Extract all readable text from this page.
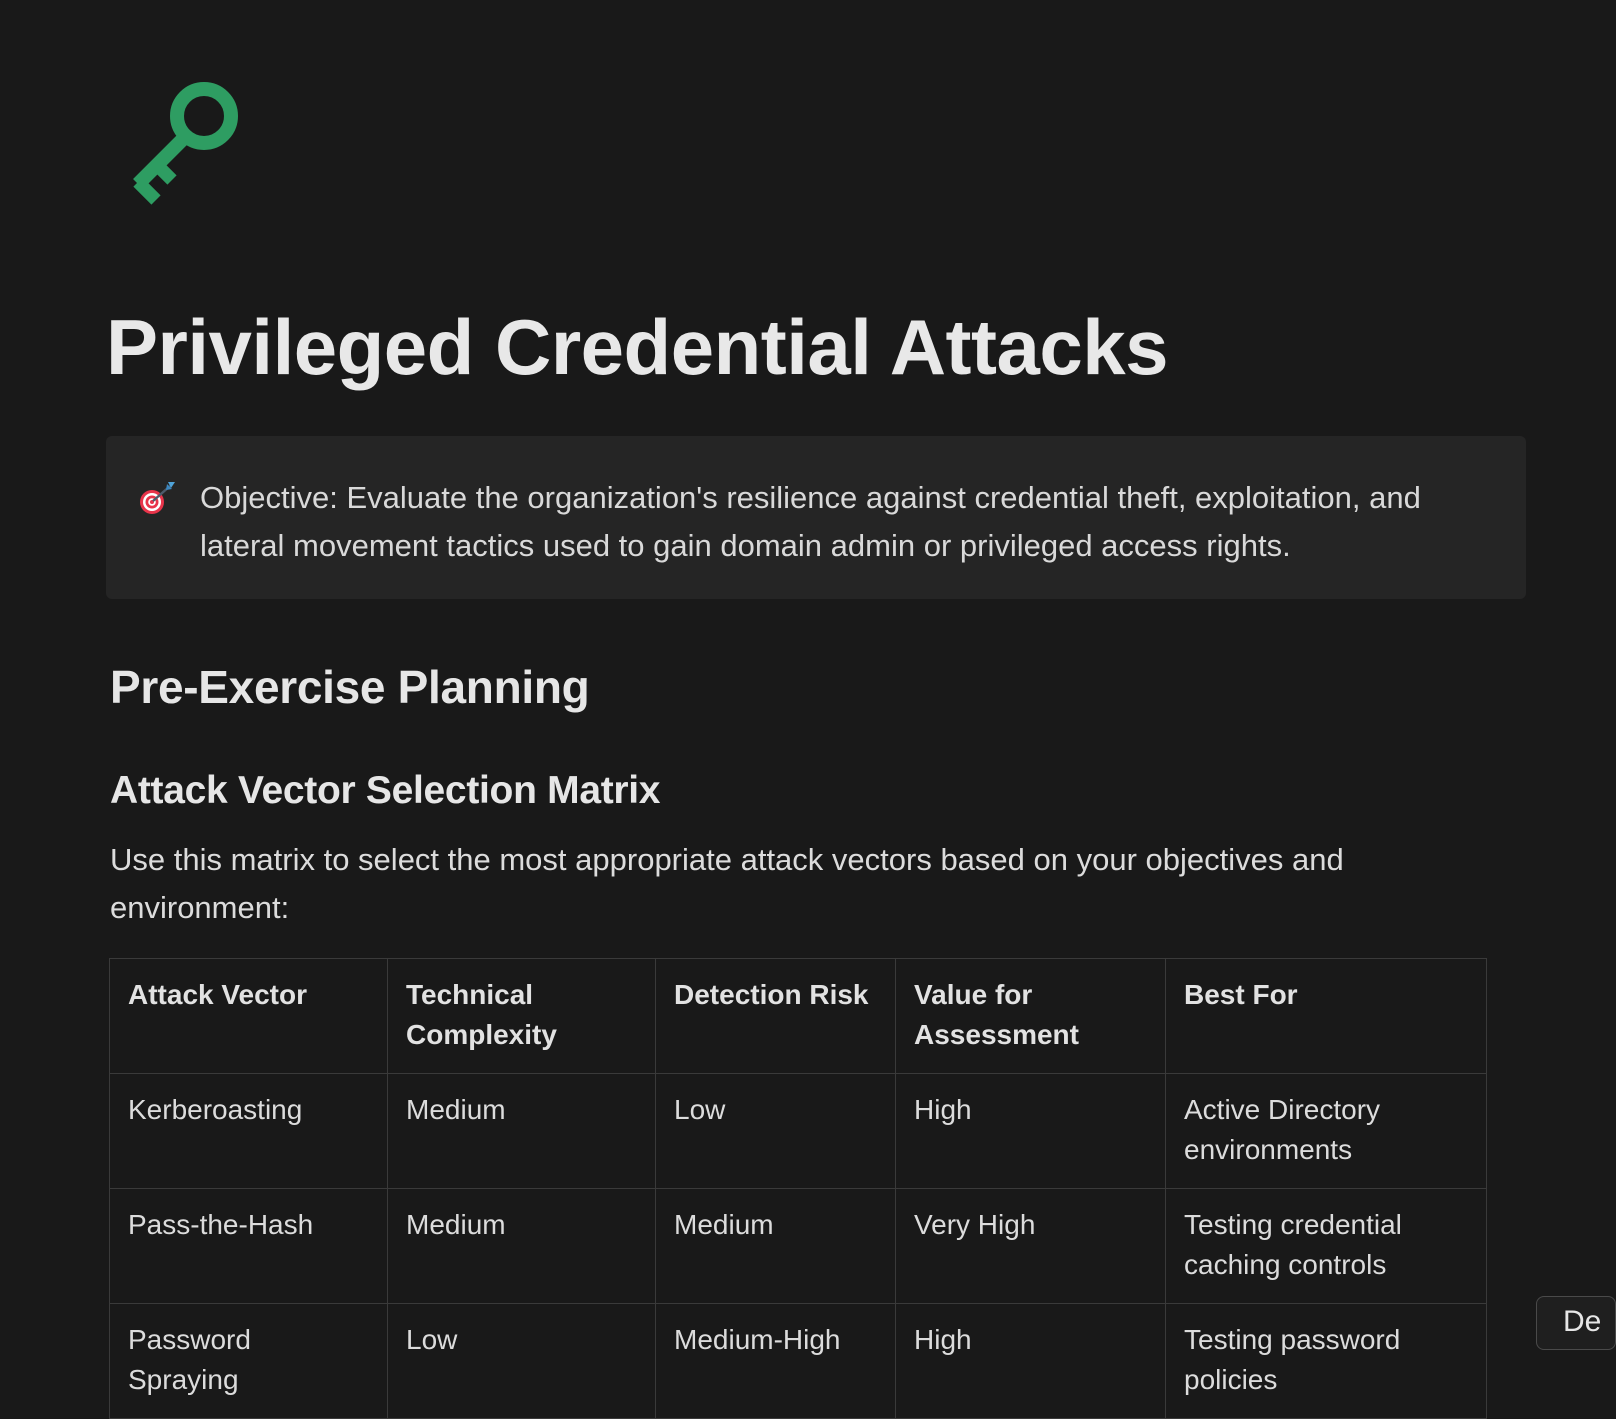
Privileged Credential Attacks

Objective: Evaluate the organization's resilience against credential theft, exploitation, and lateral movement tactics used to gain domain admin or privileged access rights.

Pre-Exercise Planning
Attack Vector Selection Matrix

Use this matrix to select the most appropriate attack vectors based on your objectives and environment:

Attack Vector	Technical Complexity	Detection Risk	Value for Assessment	Best For
Kerberoasting	Medium	Low	High	Active Directory environments
Pass-the-Hash	Medium	Medium	Very High	Testing credential caching controls
Password Spraying	Low	Medium-High	High	Testing password policies
De
